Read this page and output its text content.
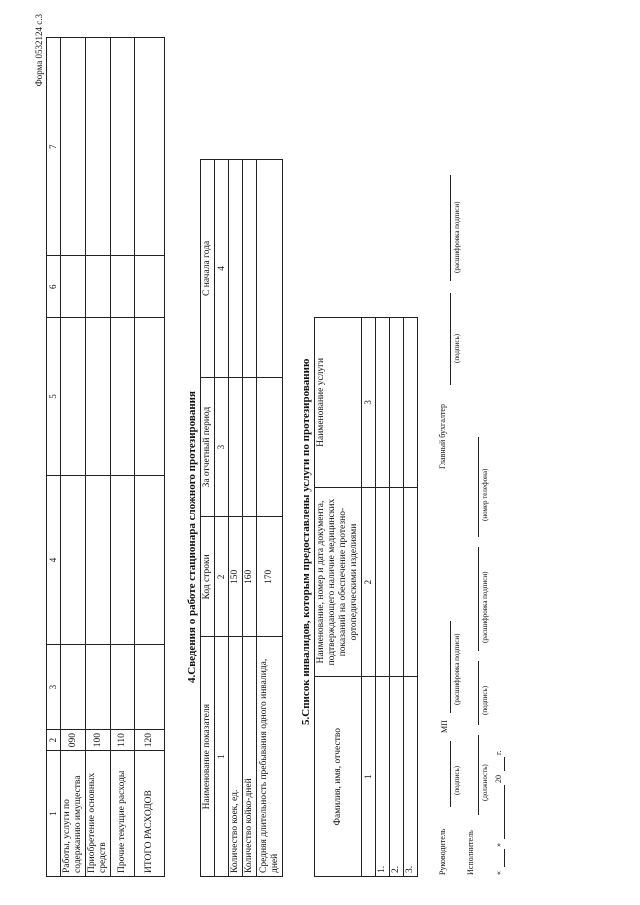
Форма 0532124 с.3
1	2	3	4	5	6	7
Работы, услуги по содержанию имущества	090					
Приобретение основных средств	100					
Прочие текущие расходы	110					
ИТОГО РАСХОДОВ	120					
4.Сведения о работе стационара сложного протезирования
Наименование показателя	Код строки	За отчетный период	С начала года
1	2	3	4
Количество коек, ед.	150		
Количество койко-дней	160		
Средняя длительность пребывания одного инвалида, дней	170		5.Список инвалидов, которым предоставлены услуги по протезированию
Фамилия, имя, отчество	Наименование, номер и дата документа, подтверждающего наличие медицинских показаний на обеспечение протезно-ортопедическими изделиями	Наименование услуги
1	2	3
1.		
2.		
3.			Руководитель
(подпись)
МП
(расшифровка подписи)
Главный бухгалтер
(подпись)
(расшифровка подписи)
Исполнитель
(должность)
(подпись)
(расшифровка подписи)
(номер телефона)
«
»
20
г.
